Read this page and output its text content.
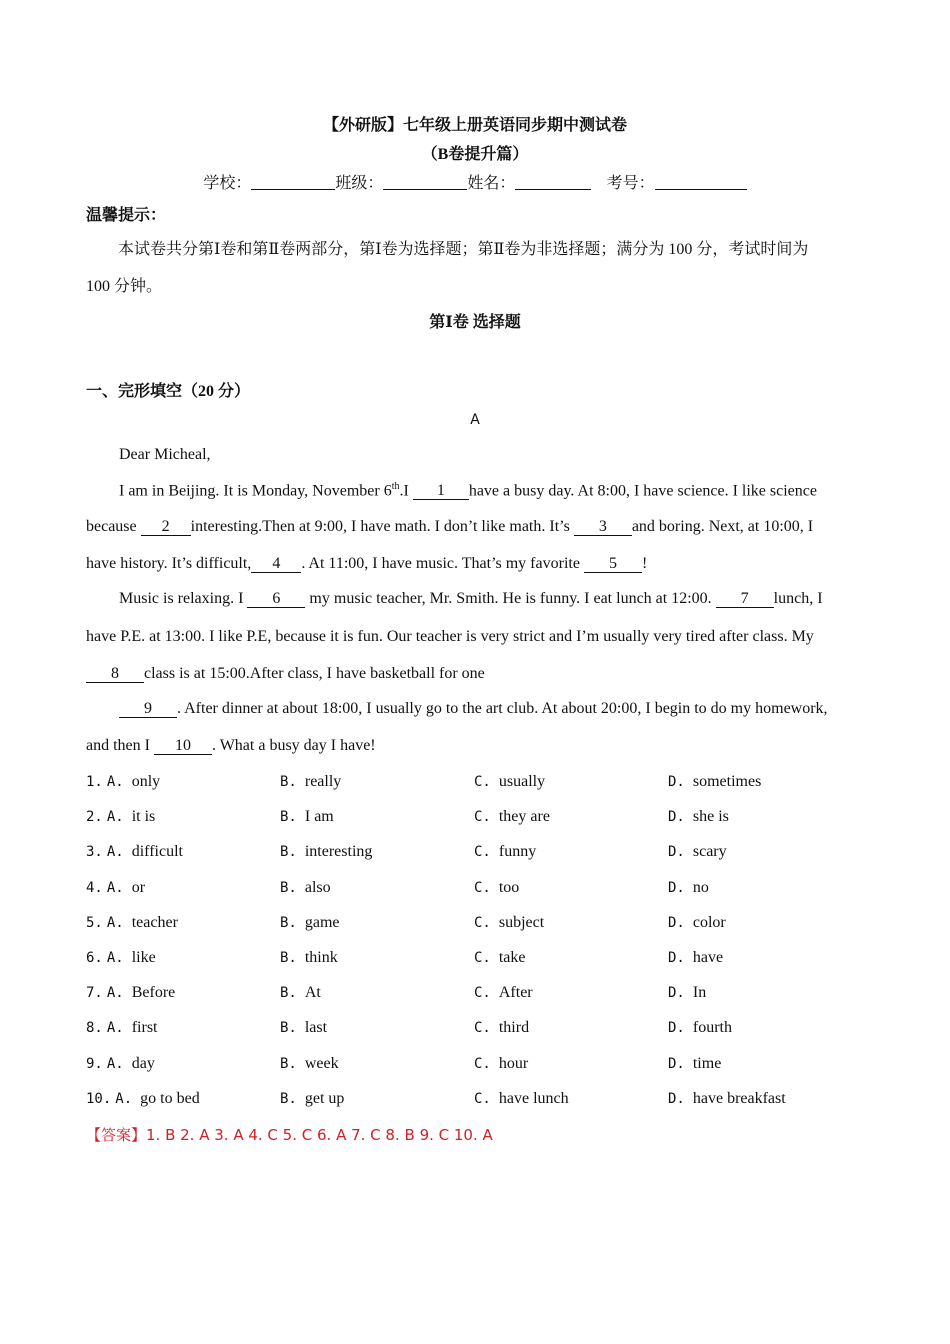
【外研版】七年级上册英语同步期中测试卷
（B卷提升篇）
学校：	班级：	姓名：	考号：
温馨提示：
本试卷共分第Ⅰ卷和第Ⅱ卷两部分，第Ⅰ卷为选择题；第Ⅱ卷为非选择题；满分为 100 分，考试时间为
100 分钟。
第Ⅰ卷 选择题
一、完形填空（20 分）
A
Dear Micheal,
I am in Beijing. It is Monday, November 6th.I 1 have a busy day. At 8:00, I have science. I like science
because 2 interesting.Then at 9:00, I have math. I don’t like math. It’s 3 and boring. Next, at 10:00, I
have history. It’s difficult, 4 . At 11:00, I have music. That’s my favorite 5 !
Music is relaxing. I 6 my music teacher, Mr. Smith. He is funny. I eat lunch at 12:00. 7 lunch, I
have P.E. at 13:00. I like P.E, because it is fun. Our teacher is very strict and I’m usually very tired after class. My
8 class is at 15:00.After class, I have basketball for one
9 . After dinner at about 18:00, I usually go to the art club. At about 20:00, I begin to do my homework,
and then I 10 . What a busy day I have!
1. A. only	B. really	C. usually	D. sometimes
2. A. it is	B. I am	C. they are	D. she is
3. A. difficult	B. interesting	C. funny	D. scary
4. A. or	B. also	C. too	D. no
5. A. teacher	B. game	C. subject	D. color
6. A. like	B. think	C. take	D. have
7. A. Before	B. At	C. After	D. In
8. A. first	B. last	C. third	D. fourth
9. A. day	B. week	C. hour	D. time
10. A. go to bed	B. get up	C. have lunch	D. have breakfast
【答案】1. B 2. A 3. A 4. C 5. C 6. A 7. C 8. B 9. C 10. A
